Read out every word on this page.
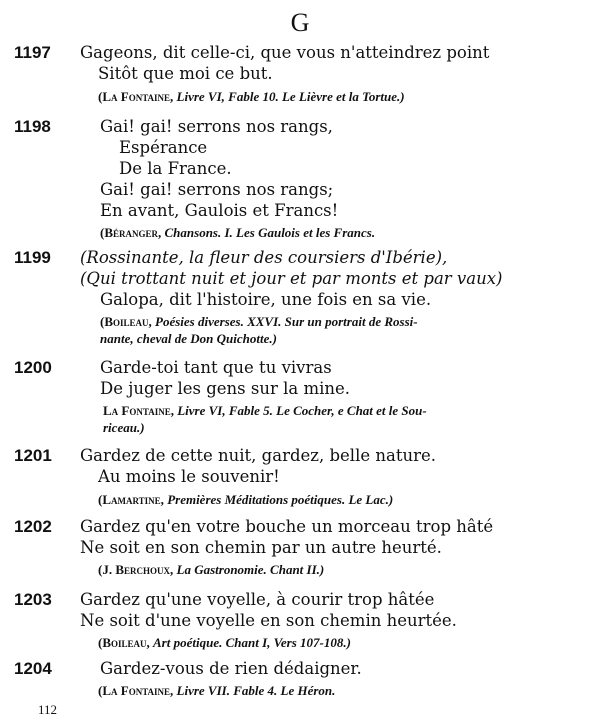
G
1197 Gageons, dit celle-ci, que vous n'atteindrez point
Sitôt que moi ce but.
(La Fontaine, Livre VI, Fable 10. Le Lièvre et la Tortue.)
1198	Gai! gai! serrons nos rangs,
Espérance
De la France.
Gai! gai! serrons nos rangs;
En avant, Gaulois et Francs!
(Béranger, Chansons. I. Les Gaulois et les Francs.
1199 (Rossinante, la fleur des coursiers d'Ibérie),
(Qui trottant nuit et jour et par monts et par vaux)
Galopa, dit l'histoire, une fois en sa vie.
(Boileau, Poésies diverses. XXVI. Sur un portrait de Rossi-
nante, cheval de Don Quichotte.)
1200	Garde-toi tant que tu vivras
De juger les gens sur la mine.
La Fontaine, Livre VI, Fable 5. Le Cocher, e Chat et le Sou-
riceau.)
1201 Gardez de cette nuit, gardez, belle nature.
Au moins le souvenir!
(Lamartine, Premières Méditations poétiques. Le Lac.)
1202 Gardez qu'en votre bouche un morceau trop hâté
Ne soit en son chemin par un autre heurté.
(J. Berchoux, La Gastronomie. Chant II.)
1203 Gardez qu'une voyelle, à courir trop hâtée
Ne soit d'une voyelle en son chemin heurtée.
(Boileau, Art poétique. Chant I, Vers 107-108.)
1204	Gardez-vous de rien dédaigner.
(La Fontaine, Livre VII. Fable 4. Le Héron.
112
